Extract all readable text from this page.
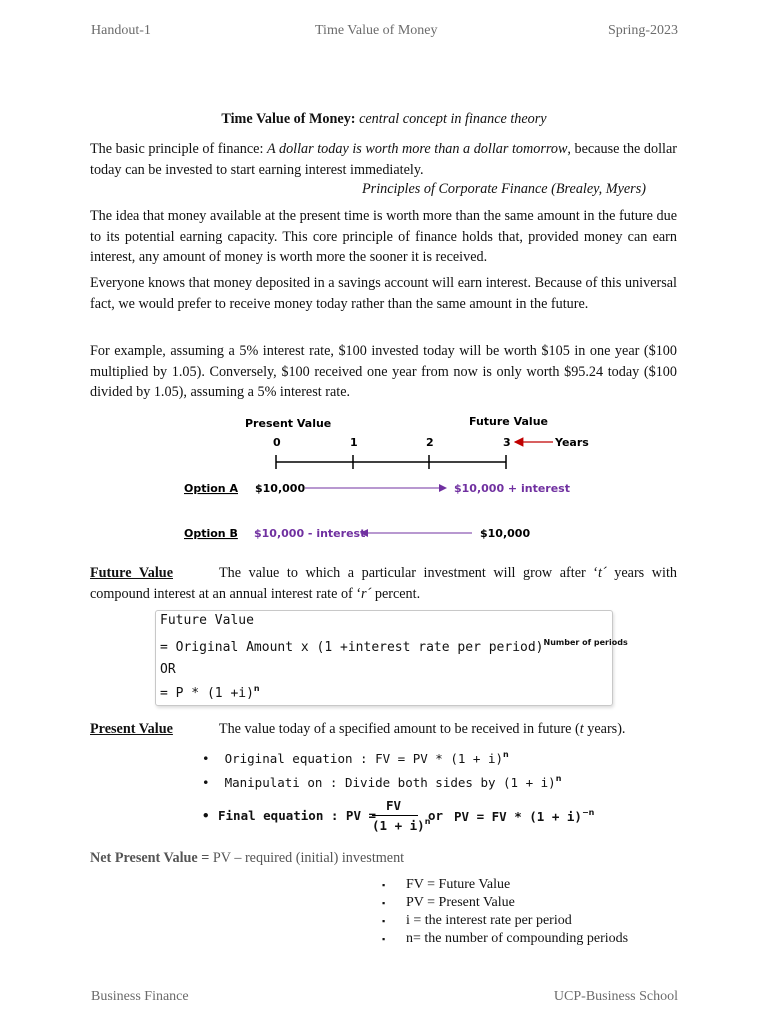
Handout-1	Time Value of Money	Spring-2023
Time Value of Money: central concept in finance theory

The basic principle of finance: A dollar today is worth more than a dollar tomorrow, because the dollar today can be invested to start earning interest immediately.

Principles of Corporate Finance (Brealey, Myers)

The idea that money available at the present time is worth more than the same amount in the future due to its potential earning capacity. This core principle of finance holds that, provided money can earn interest, any amount of money is worth more the sooner it is received.

Everyone knows that money deposited in a savings account will earn interest. Because of this universal fact, we would prefer to receive money today rather than the same amount in the future.

For example, assuming a 5% interest rate, $100 invested today will be worth $105 in one year ($100 multiplied by 1.05). Conversely, $100 received one year from now is only worth $95.24 today ($100 divided by 1.05), assuming a 5% interest rate.

Present Value	Future Value
0	1	2	3	Years
Option A $10,000	$10,000 + interest
Option B $10,000 - interest	$10,000

Future Value	The value to which a particular investment will grow after ‘t´ years with compound interest at an annual interest rate of ‘r´ percent.

Future Value
= Original Amount x (1 +interest rate per period)$^{Number of periods}$
OR
= $P * (1 +i)^n$

Present Value	The value today of a specified amount to be received in future (t years).

•  Original equation : FV = PV * $(1 + i)^n$
•  Manipulati on : Divide both sides by $(1 + i)^n$
• Final equation : PV =
FV
$(1 + i)^n$
or PV = FV * $(1 + i)^{-n}$

Net Present Value = PV – required (initial) investment

▪ FV = Future Value
▪ PV = Present Value
▪ i = the interest rate per period
▪ n= the number of compounding periods
Business Finance	UCP-Business School
